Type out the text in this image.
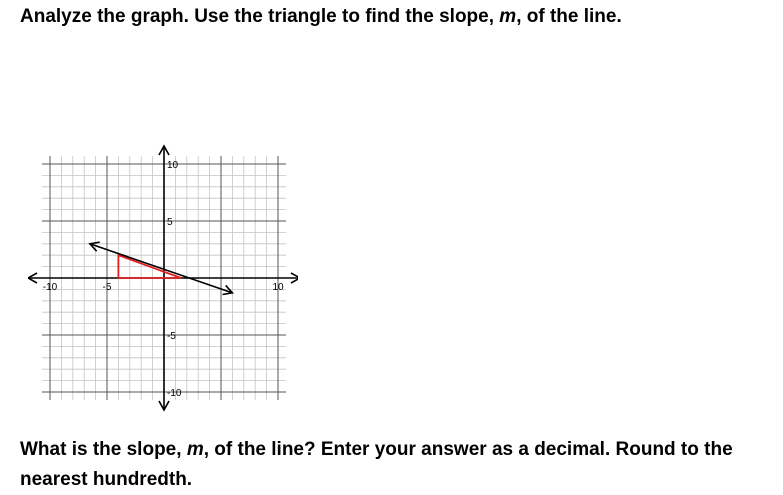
Analyze the graph. Use the triangle to find the slope, m, of the line.
-10	-5	10
10
5
-5
-10
What is the slope, m, of the line? Enter your answer as a decimal. Round to the nearest hundredth.
